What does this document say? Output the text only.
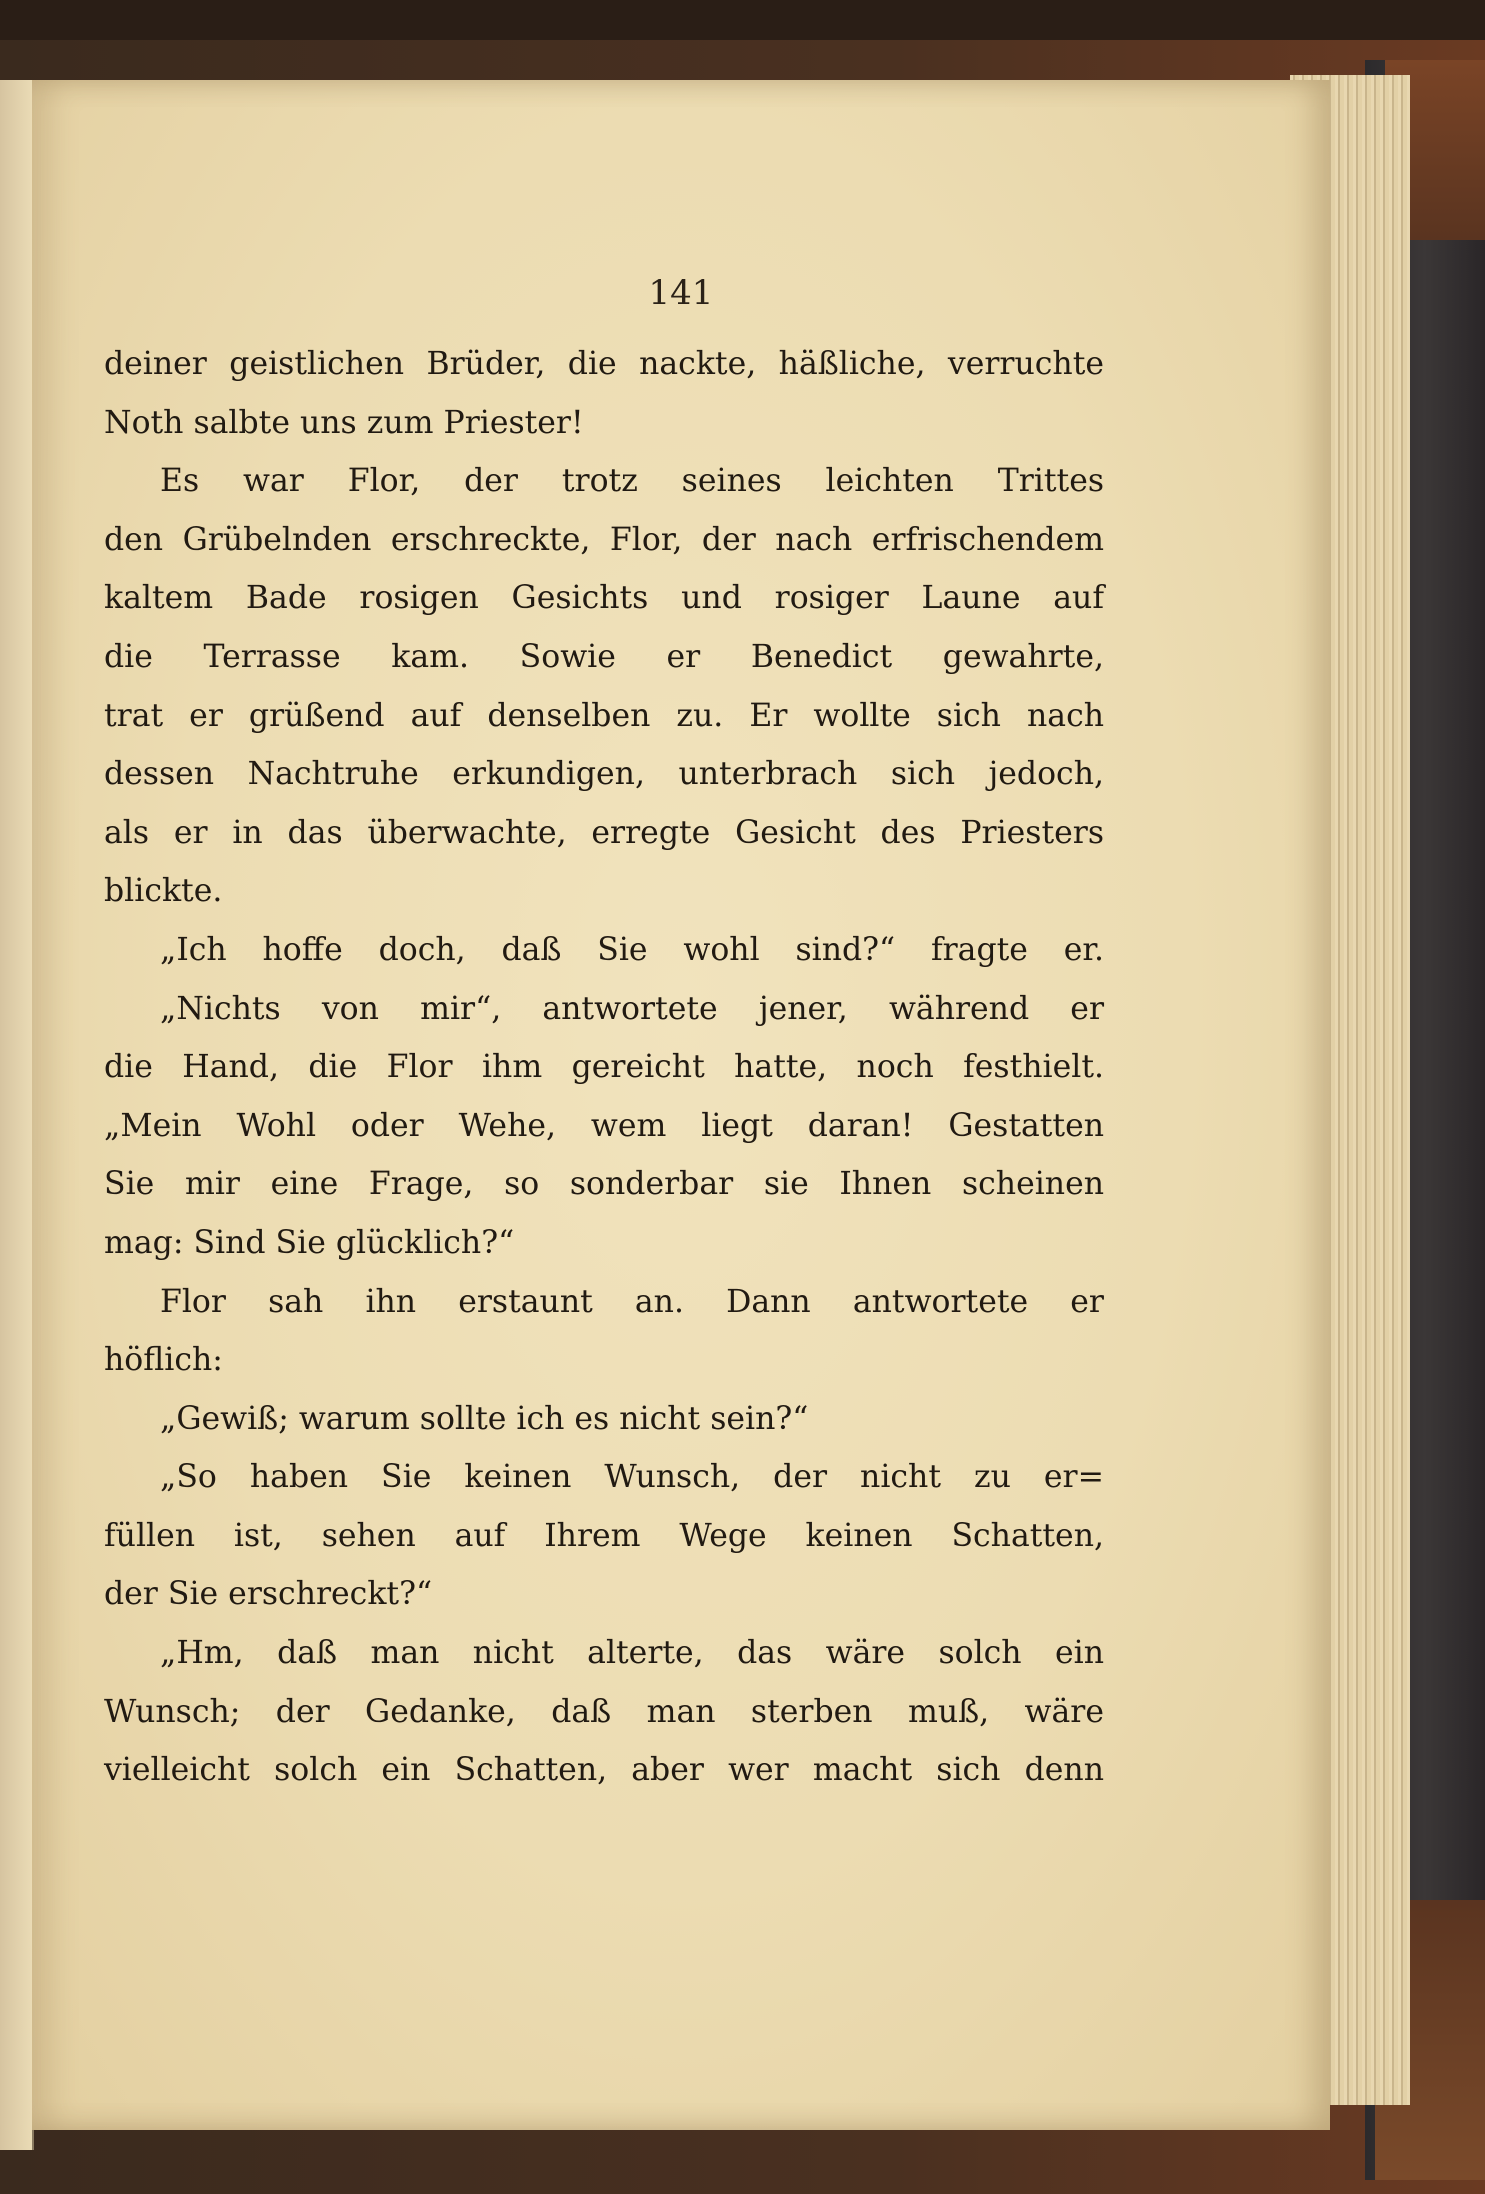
141
deiner geistlichen Brüder, die nackte, häßliche, verruchte
Noth salbte uns zum Priester!
Es war Flor, der trotz seines leichten Trittes
den Grübelnden erschreckte, Flor, der nach erfrischendem
kaltem Bade rosigen Gesichts und rosiger Laune auf
die Terrasse kam. Sowie er Benedict gewahrte,
trat er grüßend auf denselben zu. Er wollte sich nach
dessen Nachtruhe erkundigen, unterbrach sich jedoch,
als er in das überwachte, erregte Gesicht des Priesters
blickte.
„Ich hoffe doch, daß Sie wohl sind?“ fragte er.
„Nichts von mir“, antwortete jener, während er
die Hand, die Flor ihm gereicht hatte, noch festhielt.
„Mein Wohl oder Wehe, wem liegt daran! Gestatten
Sie mir eine Frage, so sonderbar sie Ihnen scheinen
mag: Sind Sie glücklich?“
Flor sah ihn erstaunt an. Dann antwortete er
höflich:
„Gewiß; warum sollte ich es nicht sein?“
„So haben Sie keinen Wunsch, der nicht zu er=
füllen ist, sehen auf Ihrem Wege keinen Schatten,
der Sie erschreckt?“
„Hm, daß man nicht alterte, das wäre solch ein
Wunsch; der Gedanke, daß man sterben muß, wäre
vielleicht solch ein Schatten, aber wer macht sich denn
